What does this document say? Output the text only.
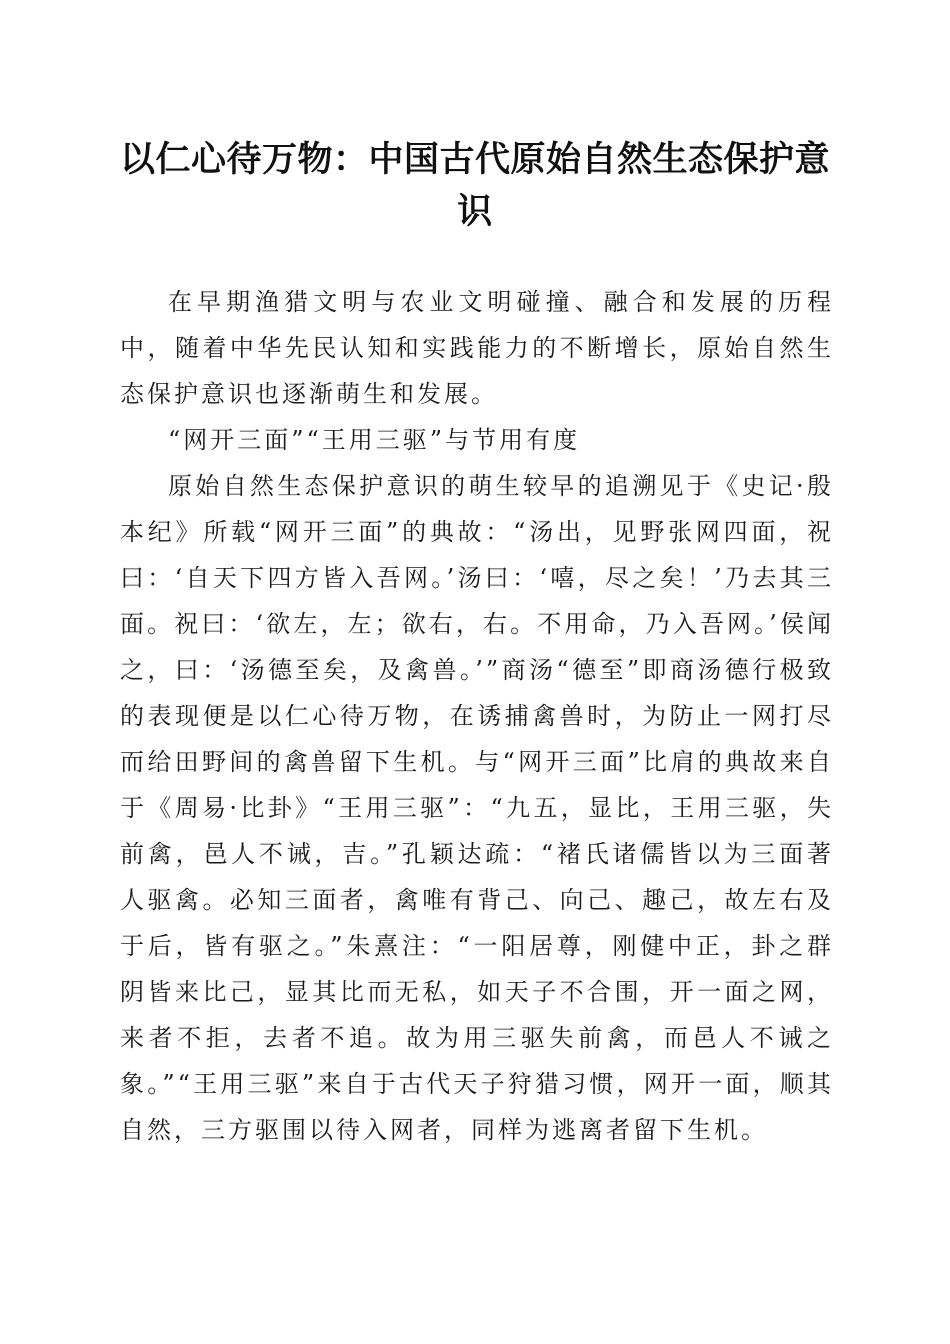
以仁心待万物：中国古代原始自然生态保护意识

在早期渔猎文明与农业文明碰撞、融合和发展的历程中，随着中华先民认知和实践能力的不断增长，原始自然生态保护意识也逐渐萌生和发展。

“网开三面”“王用三驱”与节用有度

原始自然生态保护意识的萌生较早的追溯见于《史记·殷本纪》所载“网开三面”的典故：“汤出，见野张网四面，祝曰：‘自天下四方皆入吾网。’汤曰：‘嘻，尽之矣！’乃去其三面。祝曰：‘欲左，左；欲右，右。不用命，乃入吾网。’侯闻之，曰：‘汤德至矣，及禽兽。’”商汤“德至”即商汤德行极致的表现便是以仁心待万物，在诱捕禽兽时，为防止一网打尽而给田野间的禽兽留下生机。与“网开三面”比肩的典故来自于《周易·比卦》“王用三驱”：“九五，显比，王用三驱，失前禽，邑人不诫，吉。”孔颖达疏：“褚氏诸儒皆以为三面著人驱禽。必知三面者，禽唯有背己、向己、趣己，故左右及于后，皆有驱之。”朱熹注：“一阳居尊，刚健中正，卦之群阴皆来比己，显其比而无私，如天子不合围，开一面之网，来者不拒，去者不追。故为用三驱失前禽，而邑人不诫之象。”“王用三驱”来自于古代天子狩猎习惯，网开一面，顺其自然，三方驱围以待入网者，同样为逃离者留下生机。
